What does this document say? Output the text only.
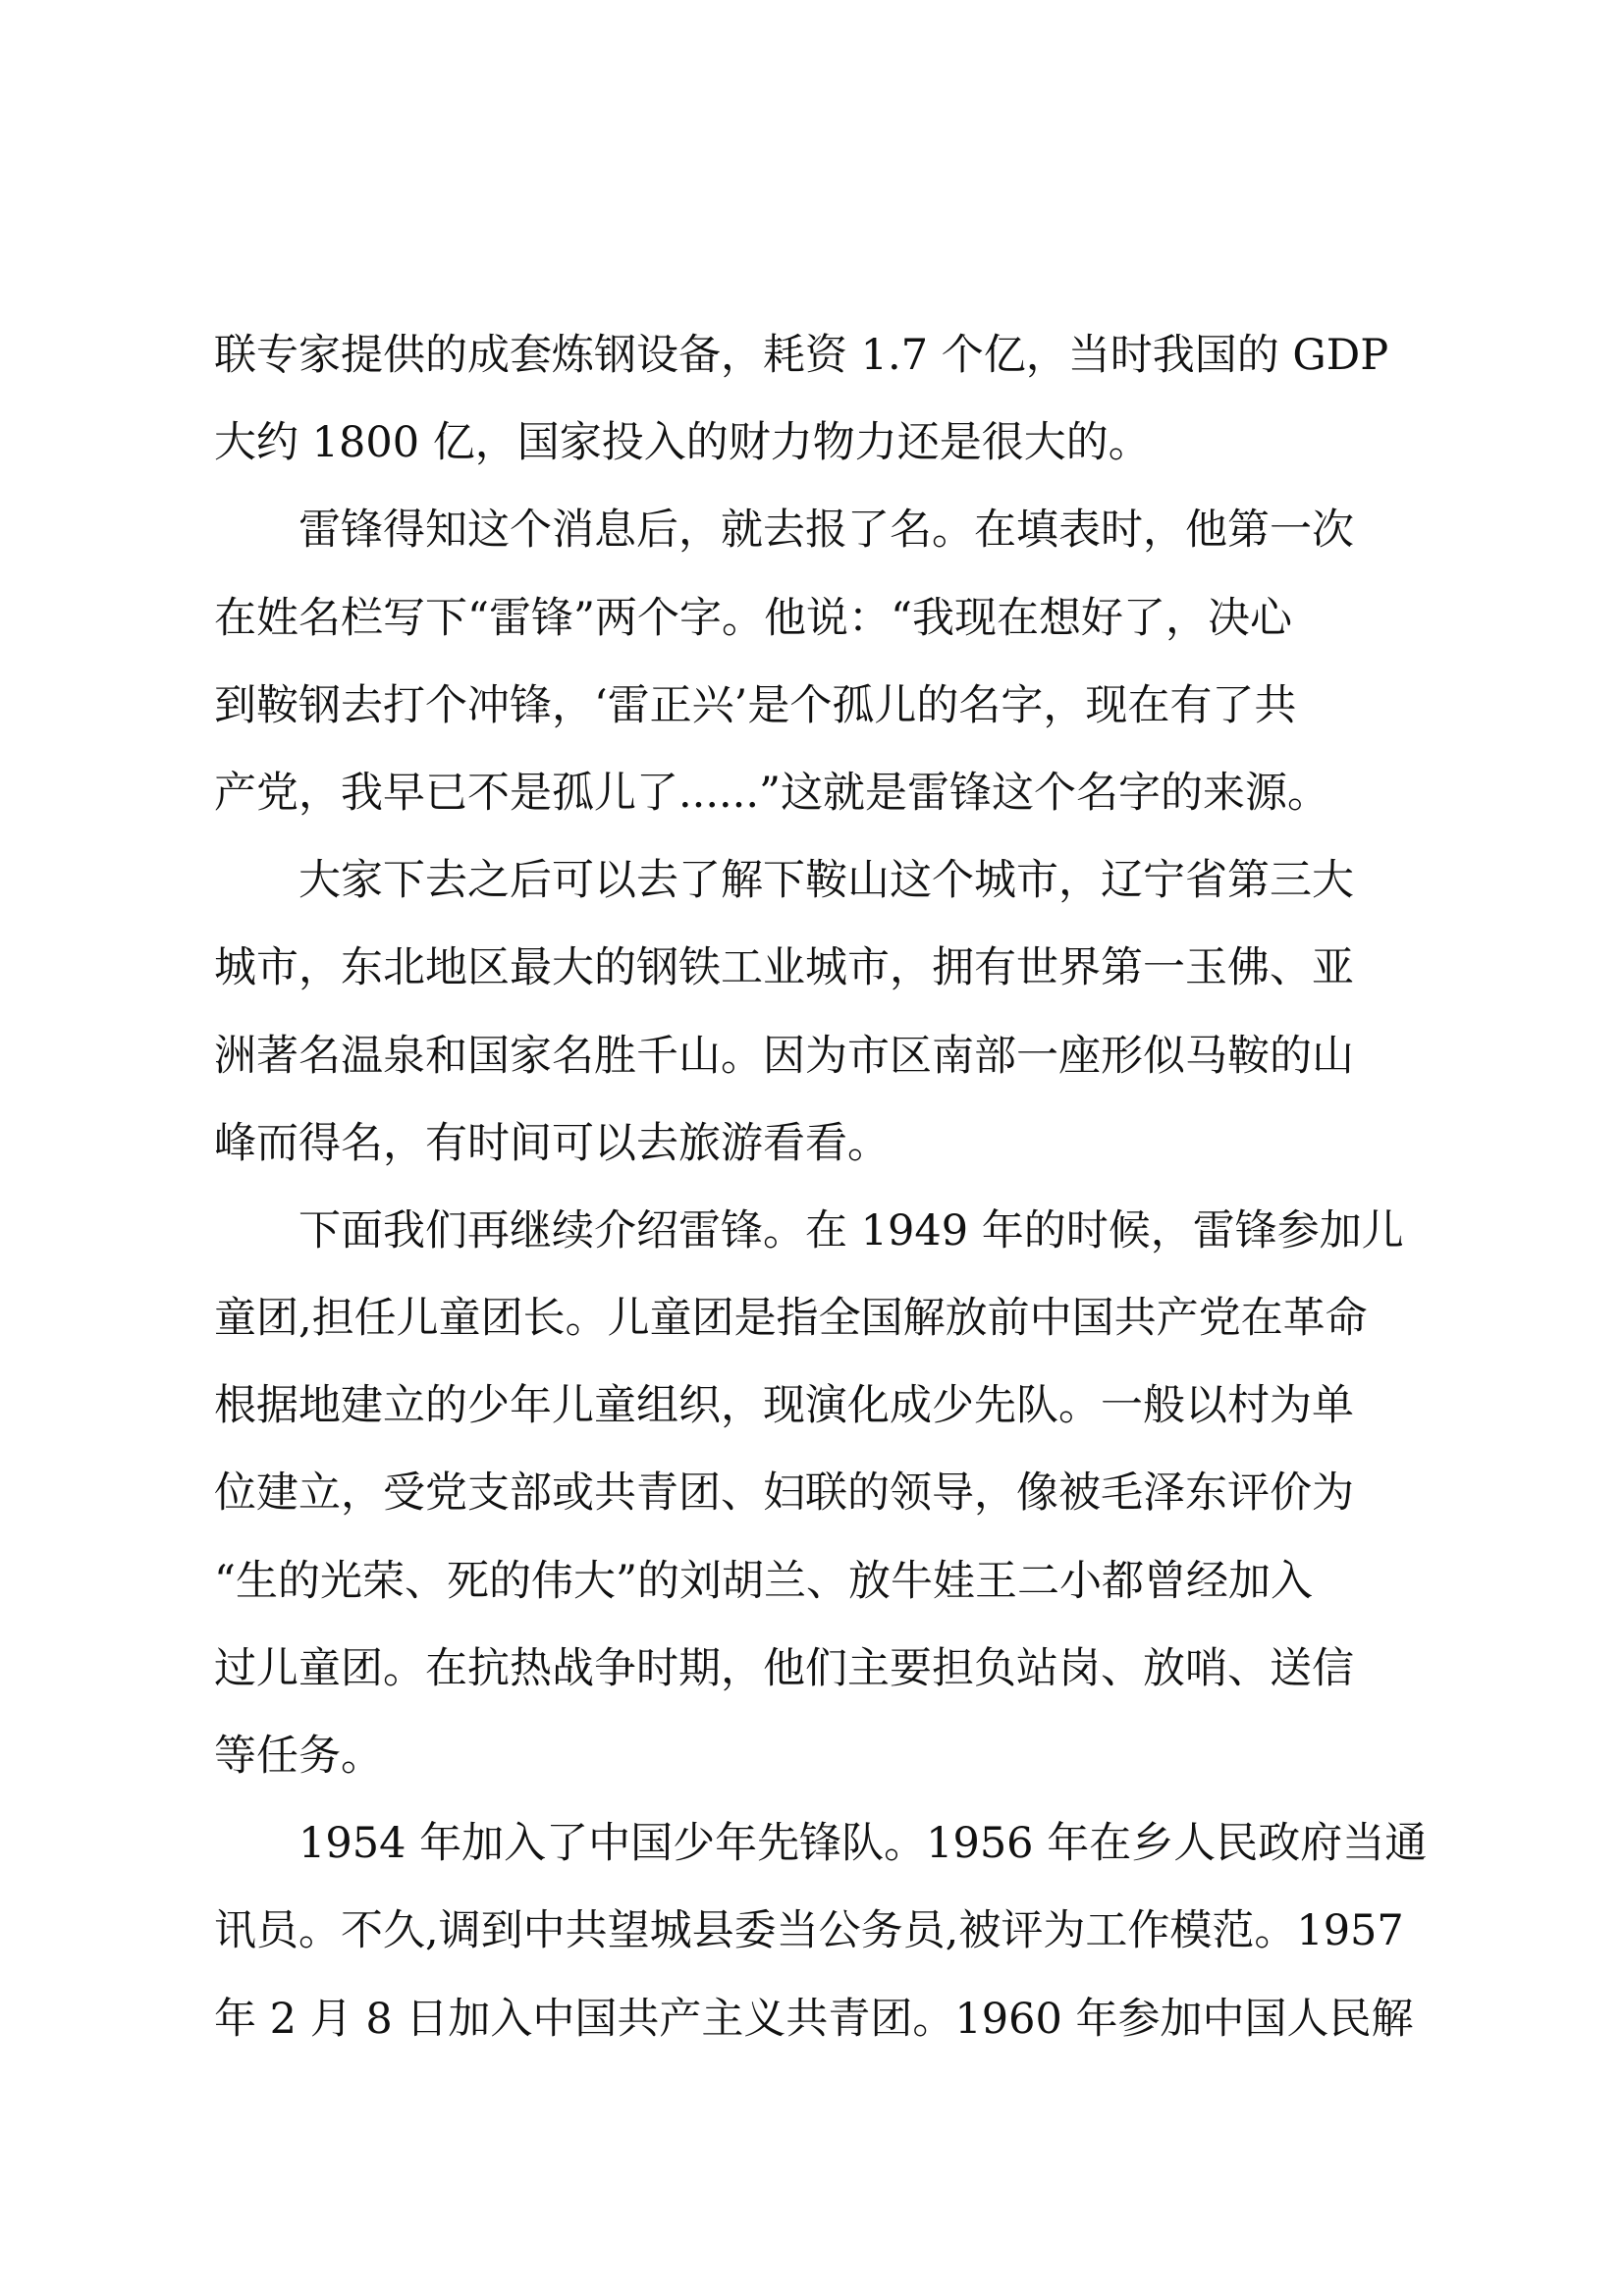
联专家提供的成套炼钢设备，耗资 1.7 个亿，当时我国的 GDP
大约 1800 亿，国家投入的财力物力还是很大的。
雷锋得知这个消息后，就去报了名。在填表时，他第一次
在姓名栏写下“雷锋”两个字。他说：“我现在想好了，决心
到鞍钢去打个冲锋，‘雷正兴’是个孤儿的名字，现在有了共
产党，我早已不是孤儿了......”这就是雷锋这个名字的来源。
大家下去之后可以去了解下鞍山这个城市，辽宁省第三大
城市，东北地区最大的钢铁工业城市，拥有世界第一玉佛、亚
洲著名温泉和国家名胜千山。因为市区南部一座形似马鞍的山
峰而得名，有时间可以去旅游看看。
下面我们再继续介绍雷锋。在 1949 年的时候，雷锋参加儿
童团,担任儿童团长。儿童团是指全国解放前中国共产党在革命
根据地建立的少年儿童组织，现演化成少先队。一般以村为单
位建立，受党支部或共青团、妇联的领导，像被毛泽东评价为
“生的光荣、死的伟大”的刘胡兰、放牛娃王二小都曾经加入
过儿童团。在抗热战争时期，他们主要担负站岗、放哨、送信
等任务。
1954 年加入了中国少年先锋队。1956 年在乡人民政府当通
讯员。不久,调到中共望城县委当公务员,被评为工作模范。1957
年 2 月 8 日加入中国共产主义共青团。1960 年参加中国人民解
